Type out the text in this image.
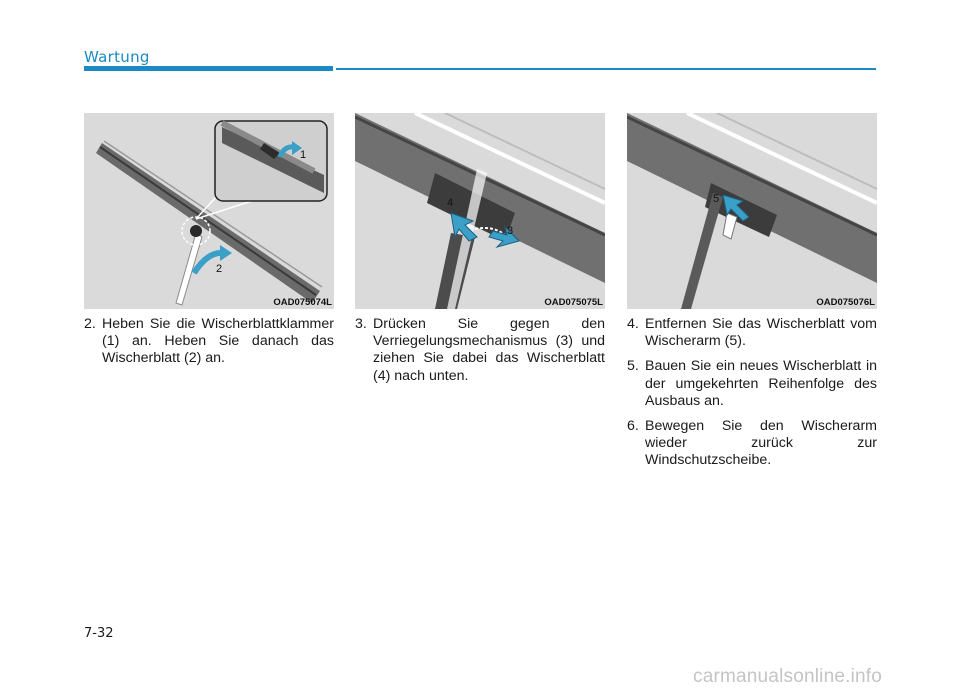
Wartung
1
2
OAD075074L
4
3
OAD075075L
5
OAD075076L
2. Heben Sie die Wischerblattklammer (1) an. Heben Sie danach das Wischerblatt (2) an.
3. Drücken Sie gegen den Verriegelungsmechanismus (3) und ziehen Sie dabei das Wischerblatt (4) nach unten.
4. Entfernen Sie das Wischerblatt vom Wischerarm (5).
5. Bauen Sie ein neues Wischerblatt in der umgekehrten Reihenfolge des Ausbaus an.
6. Bewegen Sie den Wischerarm wieder zurück zur Windschutzscheibe.
7-32
carmanualsonline.info
